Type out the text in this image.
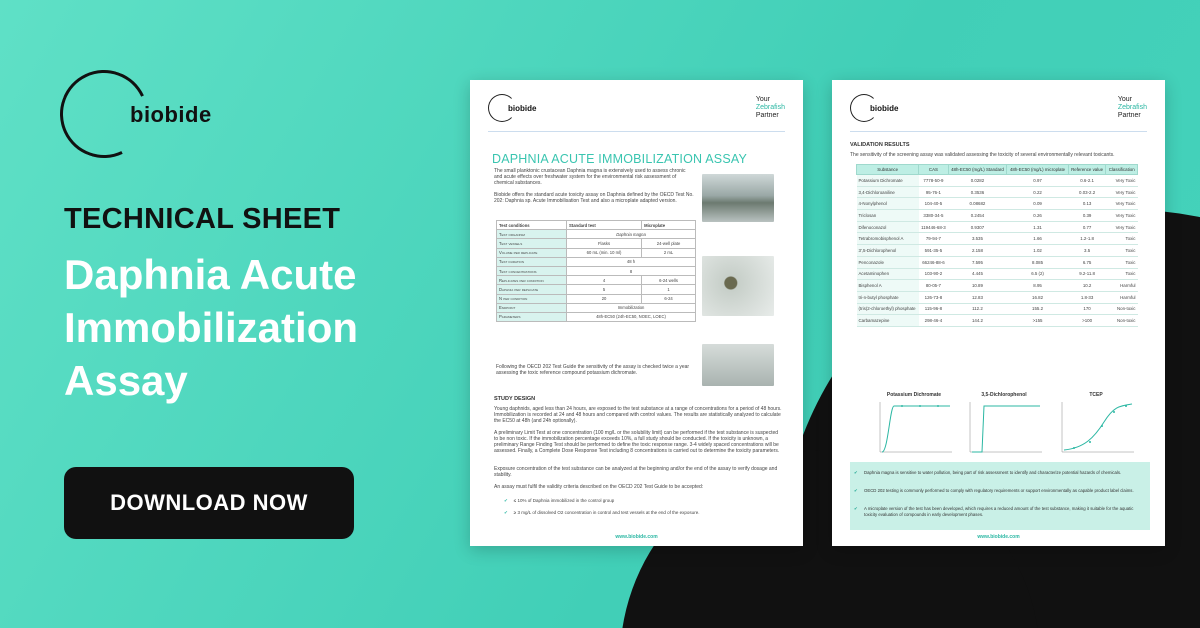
biobide
TECHNICAL SHEET
Daphnia Acute Immobilization Assay
DOWNLOAD NOW
biobide
Your
Zebrafish
Partner
DAPHNIA ACUTE IMMOBILIZATION ASSAY
The small planktonic crustacean Daphnia magna is extensively used to assess chronic and acute effects over freshwater system for the environmental risk assessment of chemical substances.
Biobide offers the standard acute toxicity assay on Daphnia defined by the OECD Test No. 202: Daphnia sp. Acute Immobilisation Test and also a microplate adapted version.
Test conditions	Standard test	Microplate
Test organism	Daphnia magna	
Test vessels	Flasks	24-well plate
Volume per replicate	60 mL (min. 10 ml)	2 mL
Test duration	48 h	
Test concentrations	8	
Replicates per condition	4	6-24 wells
Daphnia per replicate	5	1
N per condition	20	6-24
Endpoint	Immobilization	
Parameters	48h-EC50 (24h-EC50, NOEC, LOEC)	
Following the OECD 202 Test Guide the sensitivity of the assay is checked twice a year assessing the toxic reference compound potassium dichromate.
STUDY DESIGN
Young daphnids, aged less than 24 hours, are exposed to the test substance at a range of concentrations for a period of 48 hours. Immobilization is recorded at 24 and 48 hours and compared with control values. The results are statistically analyzed to calculate the EC50 at 48h (and 24h optionally).
A preliminary Limit Test at one concentration (100 mg/L or the solubility limit) can be performed if the test substance is suspected to be non toxic. If the immobilization percentage exceeds 10%, a full study should be conducted. If the toxicity is unknown, a preliminary Range Finding Test should be performed to define the toxic response range. 3-4 widely spaced concentrations will be assessed. Finally, a Complete Dose Response Test including 8 concentrations is carried out to determine the toxicity parameters.
Exposure concentration of the test substance can be analyzed at the beginning and/or the end of the assay to verify dosage and stability.
An assay must fulfil the validity criteria described on the OECD 202 Test Guide to be accepted:
✔ ≤ 10% of Daphnia immobilized in the control group
✔ ≥ 3 mg/L of dissolved O2 concentration in control and test vessels at the end of the exposure.
www.biobide.com
biobide
Your
Zebrafish
Partner
VALIDATION RESULTS
The sensitivity of the screening assay was validated assessing the toxicity of several environmentally relevant toxicants.
Substance	CAS	48h-EC50 (mg/L) Standard	48h-EC50 (mg/L) microplate	Reference value	Classification
Potassium Dichromate	7778-50-9	0.0282	0.97	0.6-2.1	Very Toxic
3,4-Dichloroaniline	95-76-1	0.3536	0.22	0.03-2.2	Very Toxic
4-Nonylphenol	104-40-5	0.08682	0.09	0.13	Very Toxic
Triclosan	3380-34-5	0.2454	0.26	0.39	Very Toxic
Difenoconazol	119446-68-3	0.9307	1.31	0.77	Very Toxic
Tetrabromobisphenol A	79-94-7	3.535	1.66	1.2-1.8	Toxic
3',5-Dichlorophenol	591-35-5	2.158	1.02	3.5	Toxic
Penconazole	66246-88-6	7.595	8.085	6.75	Toxic
Acetaminophen	103-90-2	4.445	6.5 (2)	9.2-11.8	Toxic
Bisphenol A	80-05-7	10.89	8.95	10.2	Harmful
tri-n-butyl phosphate	126-73-8	12.83	16.82	1.8-33	Harmful
(tris(2-chloroethyl) phosphate	115-96-8	112.2	155.2	170	Non-toxic
Carbamazepine	298-46-4	144.2	>155	>100	Non-toxic
Potassium Dichromate	3,5-Dichlorophenol	TCEP
✔ Daphnia magna is sensitive to water pollution, being part of risk assessment to identify and characterize potential hazards of chemicals.
✔ OECD 202 testing is commonly performed to comply with regulatory requirements or support environmentally as capable product label claims.
✔ A microplate version of the test has been developed, which requires a reduced amount of the test substance, making it suitable for the aquatic toxicity evaluation of compounds in early development phases.
www.biobide.com
